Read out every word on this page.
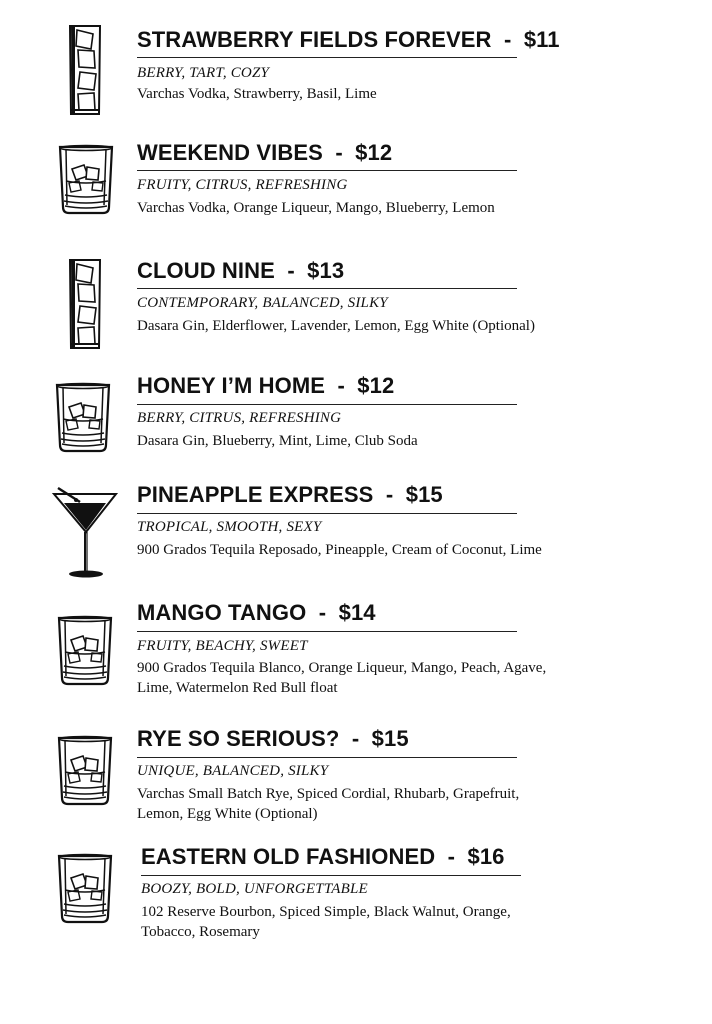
STRAWBERRY FIELDS FOREVER  -  $11
BERRY, TART, COZY
Varchas Vodka, Strawberry, Basil, Lime
WEEKEND VIBES  -  $12
FRUITY, CITRUS, REFRESHING
Varchas Vodka, Orange Liqueur, Mango, Blueberry, Lemon
CLOUD NINE  -  $13
CONTEMPORARY, BALANCED, SILKY
Dasara Gin, Elderflower, Lavender, Lemon, Egg White (Optional)
HONEY I’M HOME  -  $12
BERRY, CITRUS, REFRESHING
Dasara Gin, Blueberry, Mint, Lime, Club Soda
PINEAPPLE EXPRESS  -  $15
TROPICAL, SMOOTH, SEXY
900 Grados Tequila Reposado, Pineapple, Cream of Coconut, Lime
MANGO TANGO  -  $14
FRUITY, BEACHY, SWEET
900 Grados Tequila Blanco, Orange Liqueur, Mango, Peach, Agave,
Lime, Watermelon Red Bull float
RYE SO SERIOUS?  -  $15
UNIQUE, BALANCED, SILKY
Varchas Small Batch Rye, Spiced Cordial, Rhubarb, Grapefruit,
Lemon, Egg White (Optional)
EASTERN OLD FASHIONED  -  $16
BOOZY, BOLD, UNFORGETTABLE
102 Reserve Bourbon, Spiced Simple, Black Walnut, Orange,
Tobacco, Rosemary
